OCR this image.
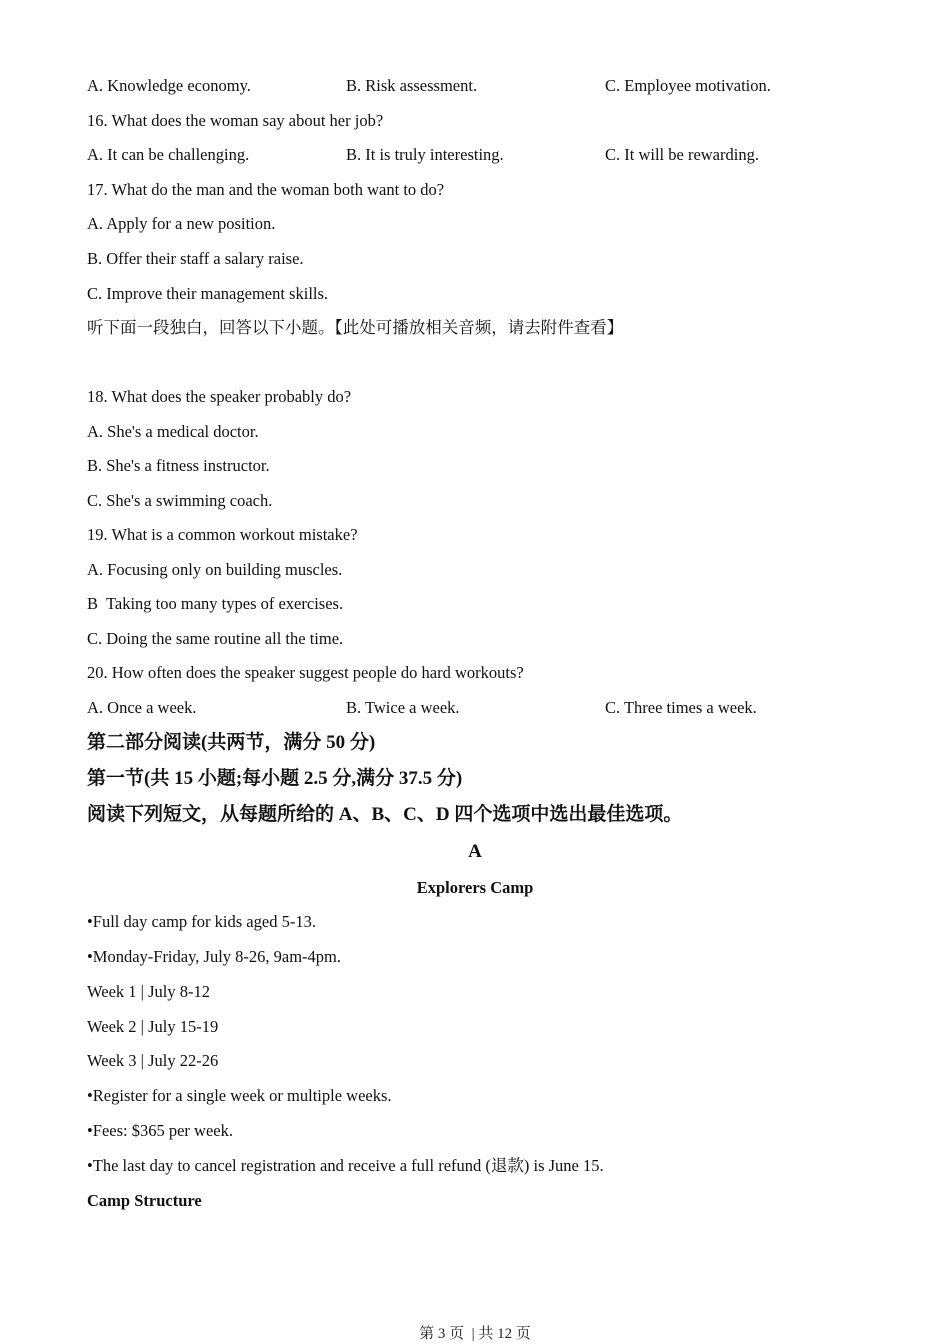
A. Knowledge economy.	B. Risk assessment.	C. Employee motivation.
16. What does the woman say about her job?
A. It can be challenging.	B. It is truly interesting.	C. It will be rewarding.
17. What do the man and the woman both want to do?
A. Apply for a new position.
B. Offer their staff a salary raise.
C. Improve their management skills.
听下面一段独白，回答以下小题。【此处可播放相关音频，请去附件查看】
18. What does the speaker probably do?
A. She's a medical doctor.
B. She's a fitness instructor.
C. She's a swimming coach.
19. What is a common workout mistake?
A. Focusing only on building muscles.
B  Taking too many types of exercises.
C. Doing the same routine all the time.
20. How often does the speaker suggest people do hard workouts?
A. Once a week.	B. Twice a week.	C. Three times a week.
第二部分阅读(共两节，满分 50 分)
第一节(共 15 小题;每小题 2.5 分,满分 37.5 分)
阅读下列短文，从每题所给的 A、B、C、D 四个选项中选出最佳选项。
A
Explorers Camp
•Full day camp for kids aged 5-13.
•Monday-Friday, July 8-26, 9am-4pm.
Week 1 | July 8-12
Week 2 | July 15-19
Week 3 | July 22-26
•Register for a single week or multiple weeks.
•Fees: $365 per week.
•The last day to cancel registration and receive a full refund (退款) is June 15.
Camp Structure
第 3 页  | 共 12 页
